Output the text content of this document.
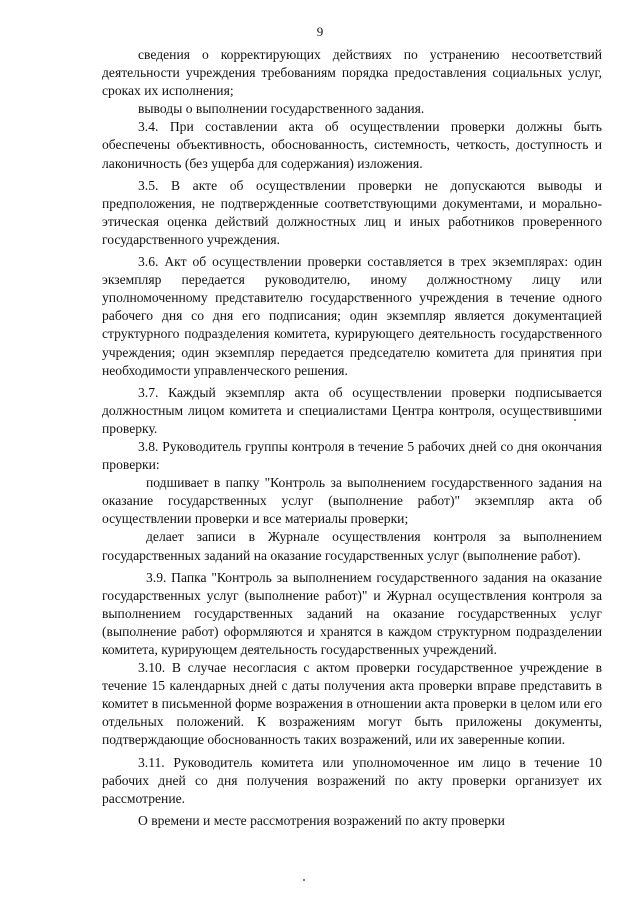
9

сведения о корректирующих действиях по устранению несоответствий деятельности учреждения требованиям порядка предоставления социальных услуг, сроках их исполнения;

выводы о выполнении государственного задания.

3.4. При составлении акта об осуществлении проверки должны быть обеспечены объективность, обоснованность, системность, четкость, доступность и лаконичность (без ущерба для содержания) изложения.

3.5. В акте об осуществлении проверки не допускаются выводы и предположения, не подтвержденные соответствующими документами, и морально-этическая оценка действий должностных лиц и иных работников проверенного государственного учреждения.

3.6. Акт об осуществлении проверки составляется в трех экземплярах: один экземпляр передается руководителю, иному должностному лицу или уполномоченному представителю государственного учреждения в течение одного рабочего дня со дня его подписания; один экземпляр является документацией структурного подразделения комитета, курирующего деятельность государственного учреждения; один экземпляр передается председателю комитета для принятия при необходимости управленческого решения.

3.7. Каждый экземпляр акта об осуществлении проверки подписывается должностным лицом комитета и специалистами Центра контроля, осуществившими проверку.

3.8. Руководитель группы контроля в течение 5 рабочих дней со дня окончания проверки:

подшивает в папку "Контроль за выполнением государственного задания на оказание государственных услуг (выполнение работ)" экземпляр акта об осуществлении проверки и все материалы проверки;

делает записи в Журнале осуществления контроля за выполнением государственных заданий на оказание государственных услуг (выполнение работ).

3.9. Папка "Контроль за выполнением государственного задания на оказание государственных услуг (выполнение работ)" и Журнал осуществления контроля за выполнением государственных заданий на оказание государственных услуг (выполнение работ) оформляются и хранятся в каждом структурном подразделении комитета, курирующем деятельность государственных учреждений.

3.10. В случае несогласия с актом проверки государственное учреждение в течение 15 календарных дней с даты получения акта проверки вправе представить в комитет в письменной форме возражения в отношении акта проверки в целом или его отдельных положений. К возражениям могут быть приложены документы, подтверждающие обоснованность таких возражений, или их заверенные копии.

3.11. Руководитель комитета или уполномоченное им лицо в течение 10 рабочих дней со дня получения возражений по акту проверки организует их рассмотрение.

О времени и месте рассмотрения возражений по акту проверки
